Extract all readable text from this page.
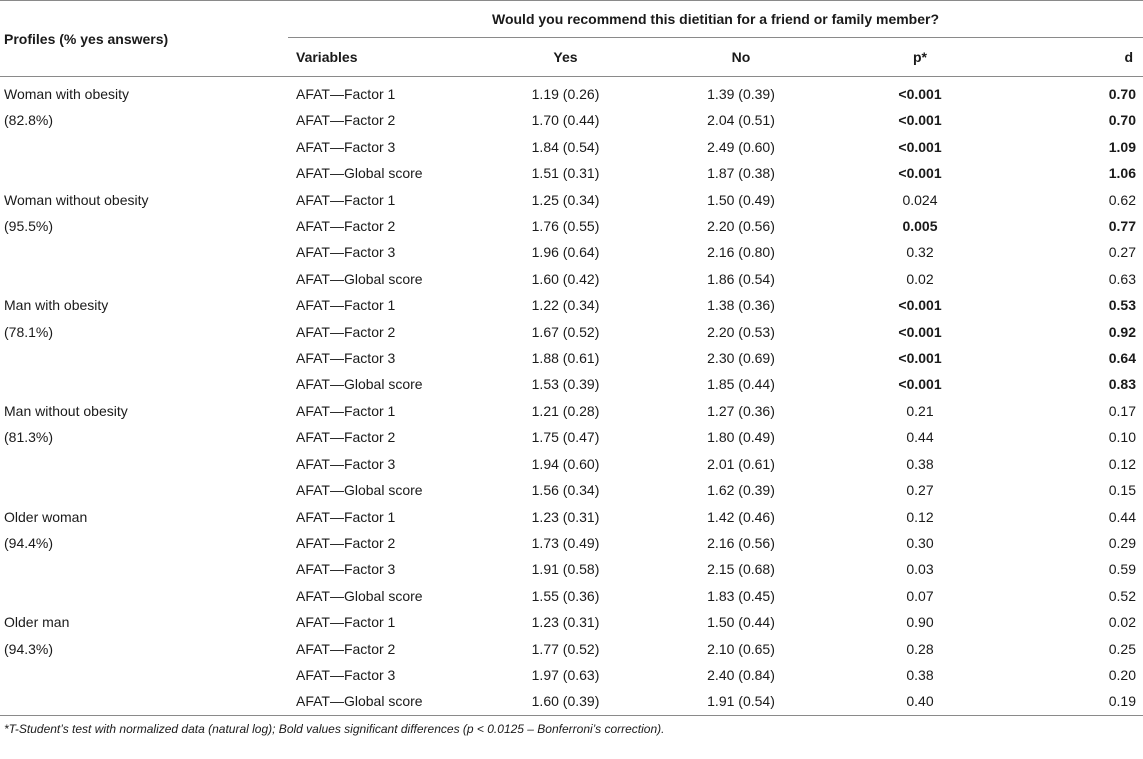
Profiles (% yes answers)	Would you recommend this dietitian for a friend or family member?				
	Variables	Yes	No	p*	d
Woman with obesity	AFAT—Factor 1	1.19 (0.26)	1.39 (0.39)	<0.001	0.70
(82.8%)	AFAT—Factor 2	1.70 (0.44)	2.04 (0.51)	<0.001	0.70
	AFAT—Factor 3	1.84 (0.54)	2.49 (0.60)	<0.001	1.09
	AFAT—Global score	1.51 (0.31)	1.87 (0.38)	<0.001	1.06
Woman without obesity	AFAT—Factor 1	1.25 (0.34)	1.50 (0.49)	0.024	0.62
(95.5%)	AFAT—Factor 2	1.76 (0.55)	2.20 (0.56)	0.005	0.77
	AFAT—Factor 3	1.96 (0.64)	2.16 (0.80)	0.32	0.27
	AFAT—Global score	1.60 (0.42)	1.86 (0.54)	0.02	0.63
Man with obesity	AFAT—Factor 1	1.22 (0.34)	1.38 (0.36)	<0.001	0.53
(78.1%)	AFAT—Factor 2	1.67 (0.52)	2.20 (0.53)	<0.001	0.92
	AFAT—Factor 3	1.88 (0.61)	2.30 (0.69)	<0.001	0.64
	AFAT—Global score	1.53 (0.39)	1.85 (0.44)	<0.001	0.83
Man without obesity	AFAT—Factor 1	1.21 (0.28)	1.27 (0.36)	0.21	0.17
(81.3%)	AFAT—Factor 2	1.75 (0.47)	1.80 (0.49)	0.44	0.10
	AFAT—Factor 3	1.94 (0.60)	2.01 (0.61)	0.38	0.12
	AFAT—Global score	1.56 (0.34)	1.62 (0.39)	0.27	0.15
Older woman	AFAT—Factor 1	1.23 (0.31)	1.42 (0.46)	0.12	0.44
(94.4%)	AFAT—Factor 2	1.73 (0.49)	2.16 (0.56)	0.30	0.29
	AFAT—Factor 3	1.91 (0.58)	2.15 (0.68)	0.03	0.59
	AFAT—Global score	1.55 (0.36)	1.83 (0.45)	0.07	0.52
Older man	AFAT—Factor 1	1.23 (0.31)	1.50 (0.44)	0.90	0.02
(94.3%)	AFAT—Factor 2	1.77 (0.52)	2.10 (0.65)	0.28	0.25
	AFAT—Factor 3	1.97 (0.63)	2.40 (0.84)	0.38	0.20
	AFAT—Global score	1.60 (0.39)	1.91 (0.54)	0.40	0.19
*T-Student’s test with normalized data (natural log); Bold values significant differences (p < 0.0125 – Bonferroni’s correction).
